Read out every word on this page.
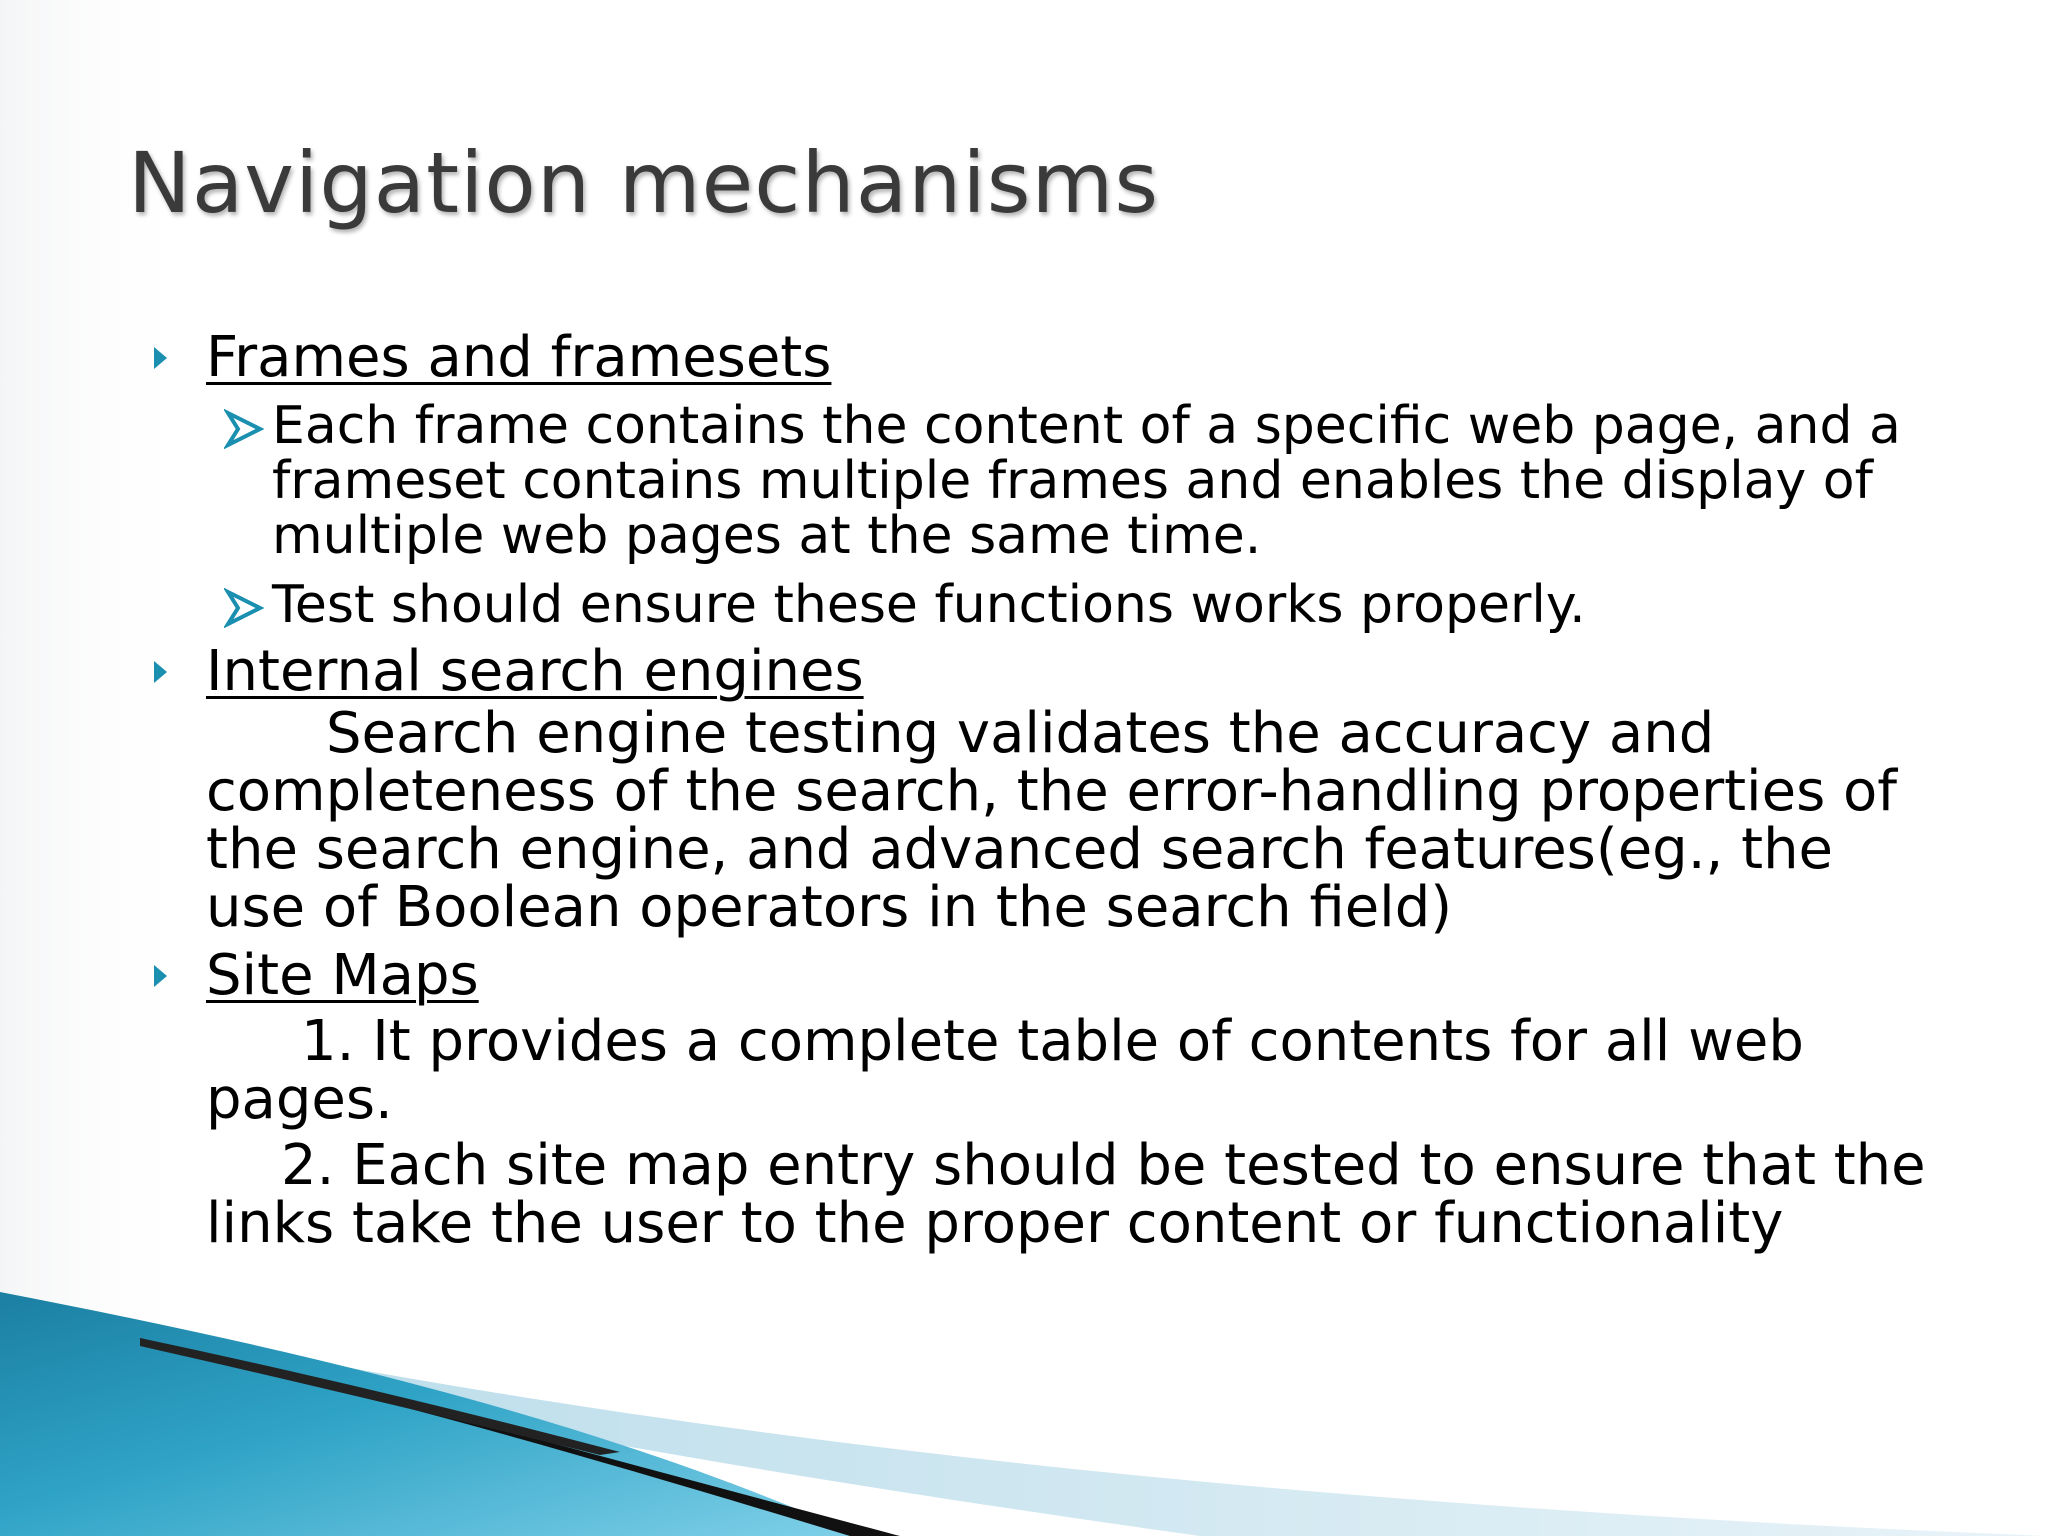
Navigation mechanisms
Frames and framesets
Each frame contains the content of a specific web page, and a frameset contains multiple frames and enables the display of multiple web pages at the same time.
Test should ensure these functions works properly.
Internal search engines
Search engine testing validates the accuracy and completeness of the search, the error-handling properties of the search engine, and advanced search features(eg., the use of Boolean operators in the search field)
Site Maps
1. It provides a complete table of contents for all web pages.
2. Each site map entry should be tested to ensure that the links take the user to the proper content or functionality
